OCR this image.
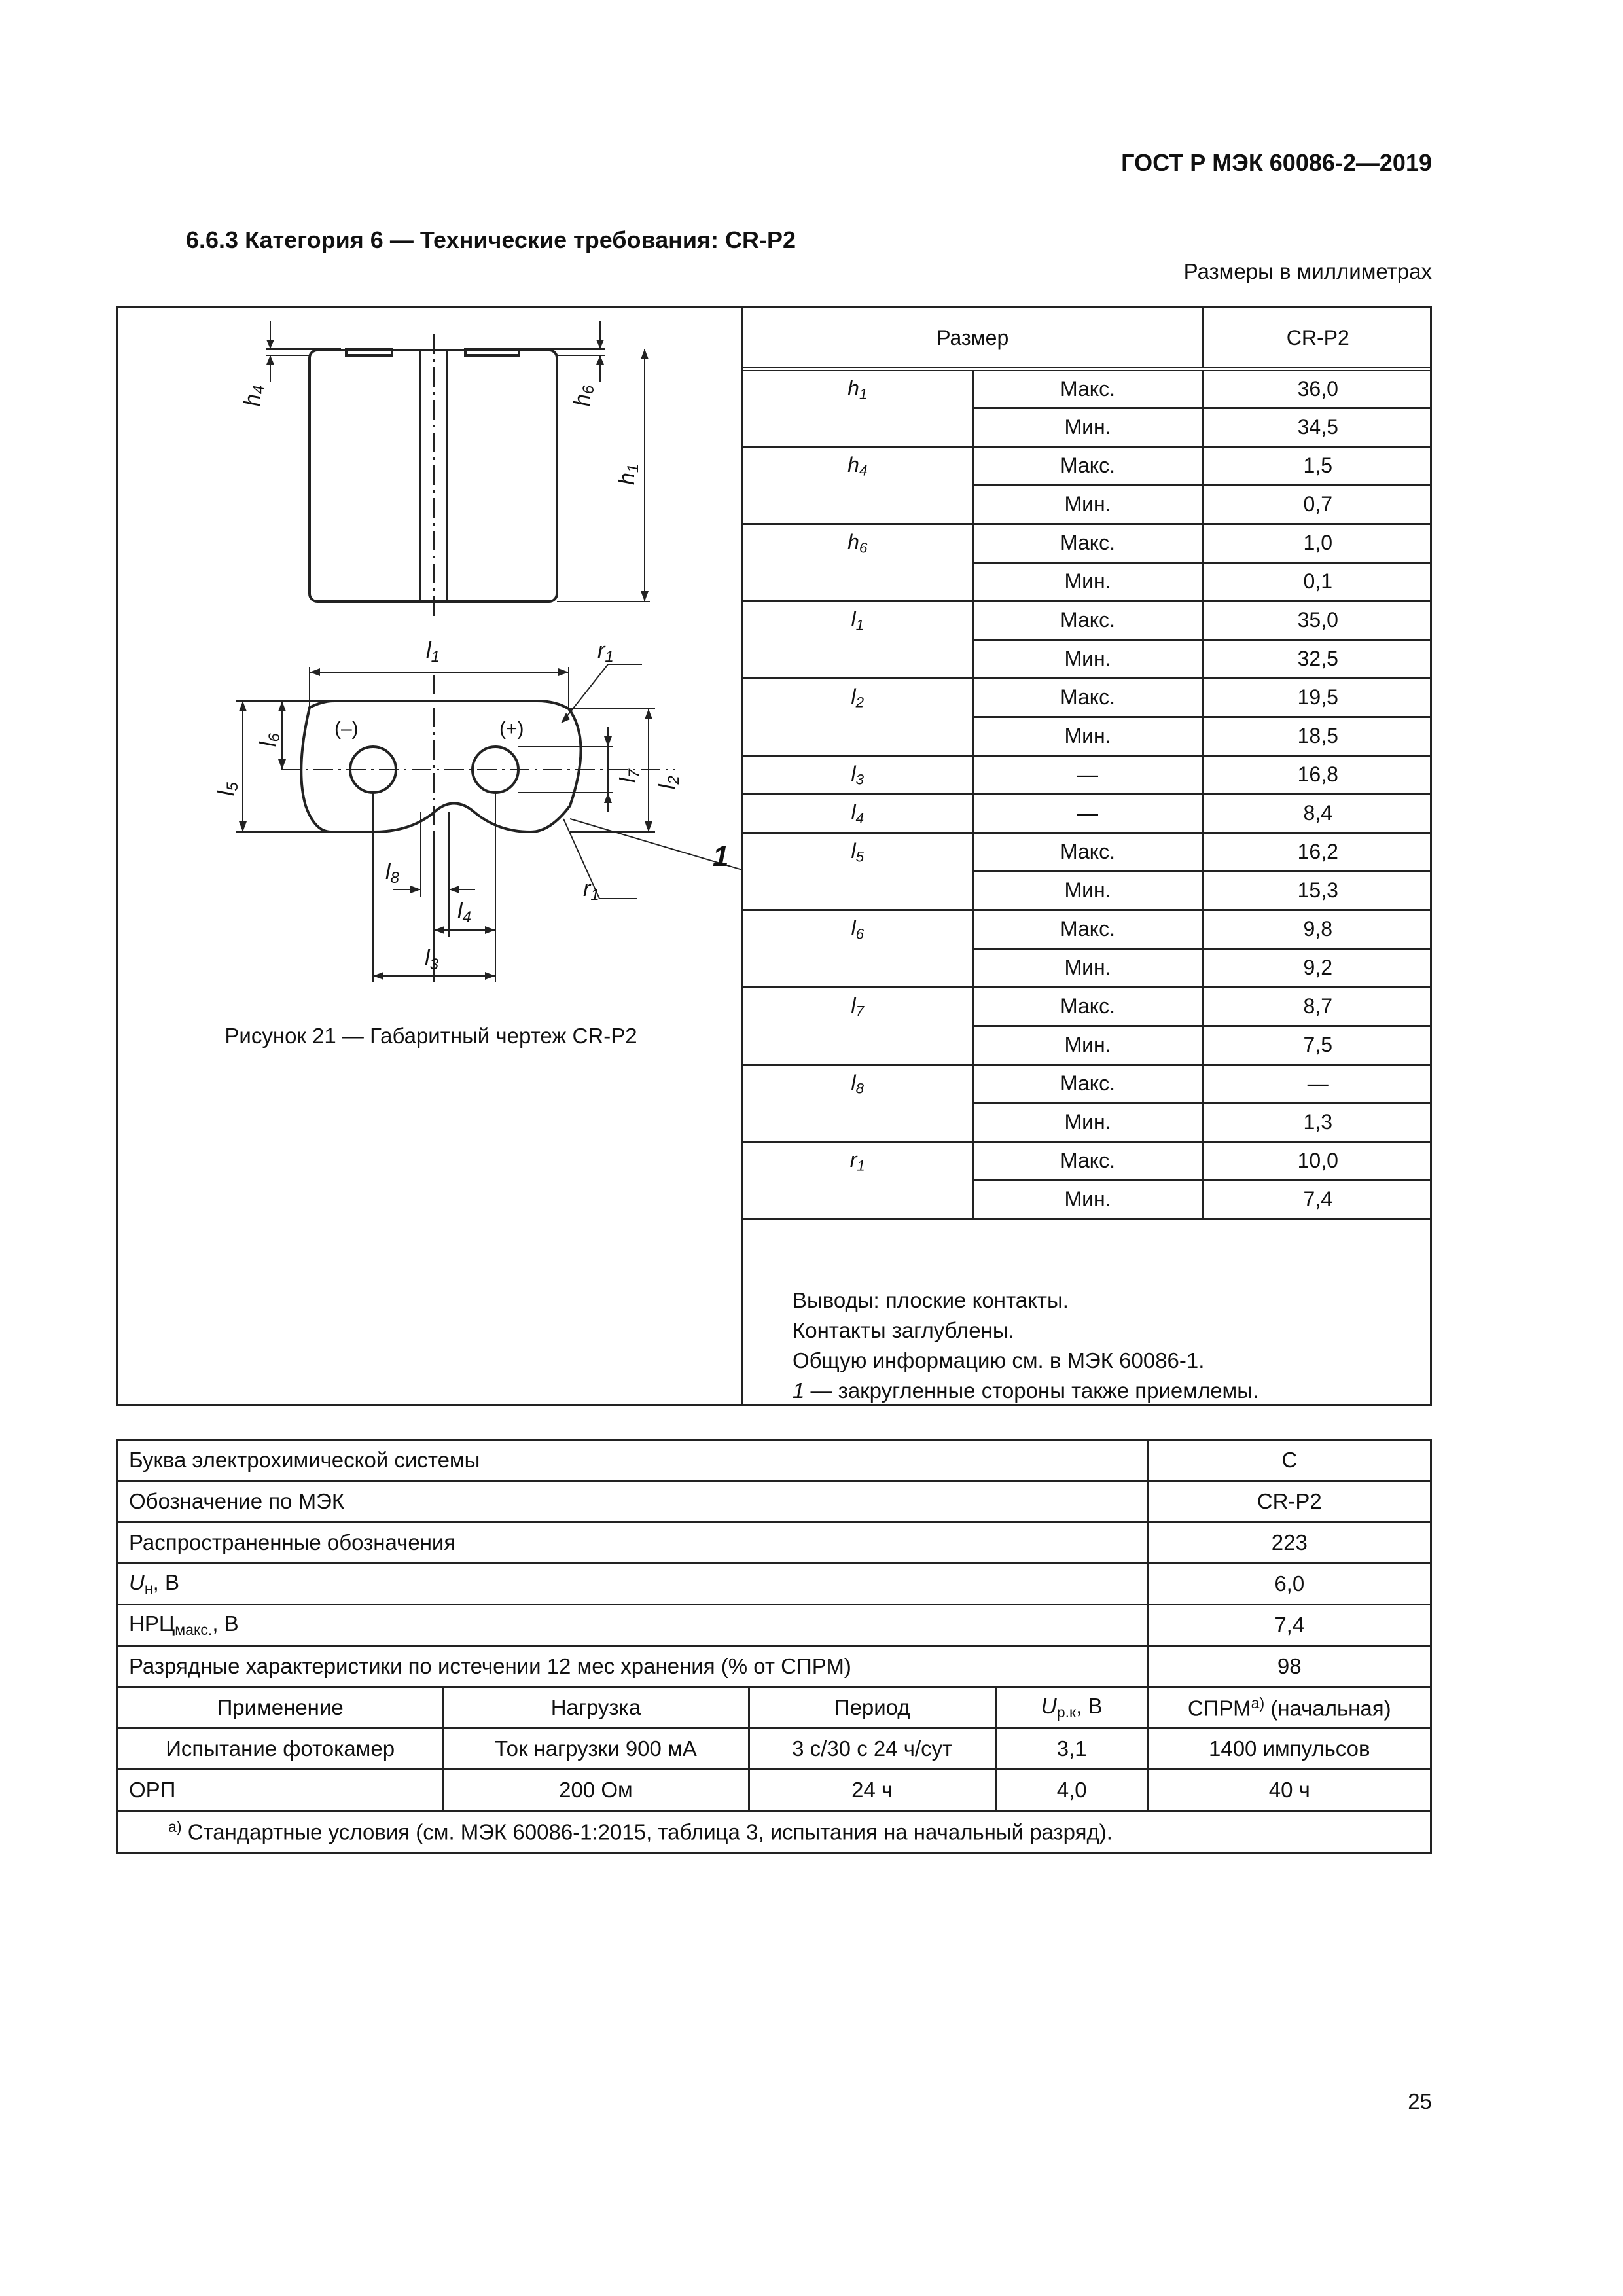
ГОСТ Р МЭК 60086-2—2019
6.6.3 Категория 6 — Технические требования: CR-P2
Размеры в миллиметрах
h4
h6
h1
l1	r1
l5
l6
l2
l7
l8
l4
l3
r1
1
(–)	(+)
Рисунок 21 — Габаритный чертеж CR-P2
Размер		CR-P2
$h_1$	Макс.	36,0
	Мин.	34,5
$h_4$	Макс.	1,5
	Мин.	0,7
$h_6$	Макс.	1,0
	Мин.	0,1
$l_1$	Макс.	35,0
	Мин.	32,5
$l_2$	Макс.	19,5
	Мин.	18,5
$l_3$	—	16,8
$l_4$	—	8,4
$l_5$	Макс.	16,2
	Мин.	15,3
$l_6$	Макс.	9,8
	Мин.	9,2
$l_7$	Макс.	8,7
	Мин.	7,5
$l_8$	Макс.	—
	Мин.	1,3
$r_1$	Макс.	10,0
	Мин.	7,4
Выводы: плоские контакты.
Контакты заглублены.
Общую информацию см. в МЭК 60086-1.
1 — закругленные стороны также приемлемы.
Буква электрохимической системы				C
Обозначение по МЭК				CR-P2
Распространенные обозначения				223
$U_н$, В				6,0
$НРЦ_{макс.}$, В				7,4
Разрядные характеристики по истечении 12 мес хранения (% от СПРМ)				98
Применение	Нагрузка	Период	$U_{р.к}$, В	$СПРМ^{а)}$ (начальная)
Испытание фотокамер	Ток нагрузки 900 мА	3 с/30 с 24 ч/сут	3,1	1400 импульсов
ОРП	200 Ом	24 ч	4,0	40 ч
$^{а)}$ Стандартные условия (см. МЭК 60086-1:2015, таблица 3, испытания на начальный разряд).				
25
